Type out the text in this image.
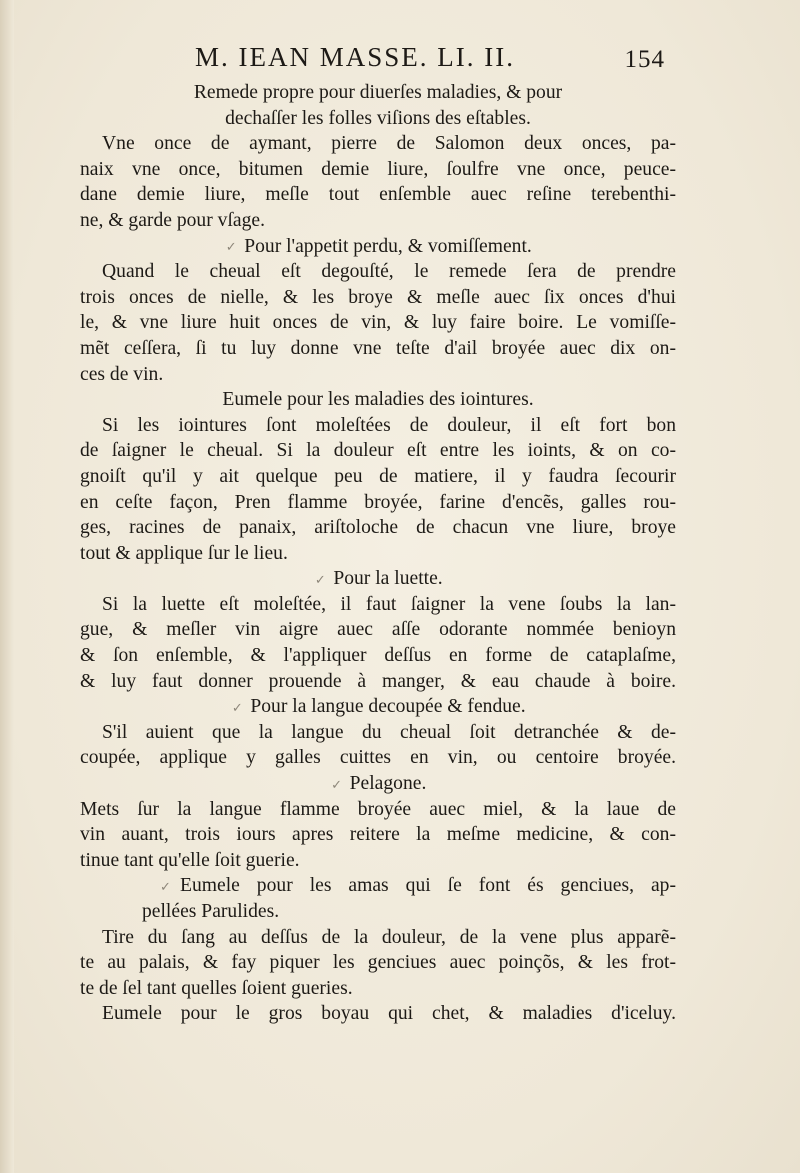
M. IEAN MASSE. LI. II.	154
Remede propre pour diuerſes maladies, & pour
dechaſſer les folles viſions des eſtables.
Vne once de aymant, pierre de Salomon deux onces, pa-
naix vne once, bitumen demie liure, ſoulfre vne once, peuce-
dane demie liure, meſle tout enſemble auec reſine terebenthi-
ne, & garde pour vſage.
✓ Pour l'appetit perdu, & vomiſſement.
Quand le cheual eſt degouſté, le remede ſera de prendre
trois onces de nielle, & les broye & meſle auec ſix onces d'hui
le, & vne liure huit onces de vin, & luy faire boire. Le vomiſſe-
mẽt ceſſera, ſi tu luy donne vne teſte d'ail broyée auec dix on-
ces de vin.
Eumele pour les maladies des iointures.
Si les iointures ſont moleſtées de douleur, il eſt fort bon
de ſaigner le cheual. Si la douleur eſt entre les ioints, & on co-
gnoiſt qu'il y ait quelque peu de matiere, il y faudra ſecourir
en ceſte façon, Pren flamme broyée, farine d'encẽs, galles rou-
ges, racines de panaix, ariſtoloche de chacun vne liure, broye
tout & applique ſur le lieu.
✓ Pour la luette.
Si la luette eſt moleſtée, il faut ſaigner la vene ſoubs la lan-
gue, & meſler vin aigre auec aſſe odorante nommée benioyn
& ſon enſemble, & l'appliquer deſſus en forme de cataplaſme,
& luy faut donner prouende à manger, & eau chaude à boire.
✓ Pour la langue decoupée & fendue.
S'il auient que la langue du cheual ſoit detranchée & de-
coupée, applique y galles cuittes en vin, ou centoire broyée.
✓ Pelagone.
Mets ſur la langue flamme broyée auec miel, & la laue de
vin auant, trois iours apres reitere la meſme medicine, & con-
tinue tant qu'elle ſoit guerie.
✓ Eumele pour les amas qui ſe font és genciues, ap-
pellées Parulides.
Tire du ſang au deſſus de la douleur, de la vene plus apparẽ-
te au palais, & fay piquer les genciues auec poinçõs, & les frot-
te de ſel tant quelles ſoient gueries.
Eumele pour le gros boyau qui chet, & maladies d'iceluy.
